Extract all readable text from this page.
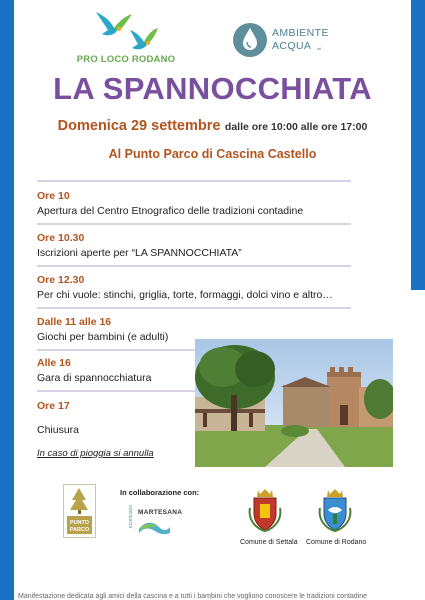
PRO LOCO RODANO
AMBIENTE
ACQUA srl
LA SPANNOCCHIATA
Domenica 29 settembre dalle ore 10:00 alle ore 17:00
Al Punto Parco di Cascina Castello
Ore 10
Apertura del Centro Etnografico delle tradizioni contadine
Ore 10.30
Iscrizioni aperte per “LA SPANNOCCHIATA”
Ore 12.30
Per chi vuole: stinchi, griglia, torte, formaggi, dolci vino e altro…
Dalle 11 alle 16
Giochi per bambini (e adulti)
Alle 16
Gara di spannocchiatura
Ore 17
Chiusura
In caso di pioggia si annulla
PUNTO
PARCO
In collaborazione con:
ecomuseo MARTESANA
Comune di Settala Comune di Rodano
Manifestazione dedicata agli amici della cascina e a tutti i bambini che vogliono conoscere le tradizioni contadine
